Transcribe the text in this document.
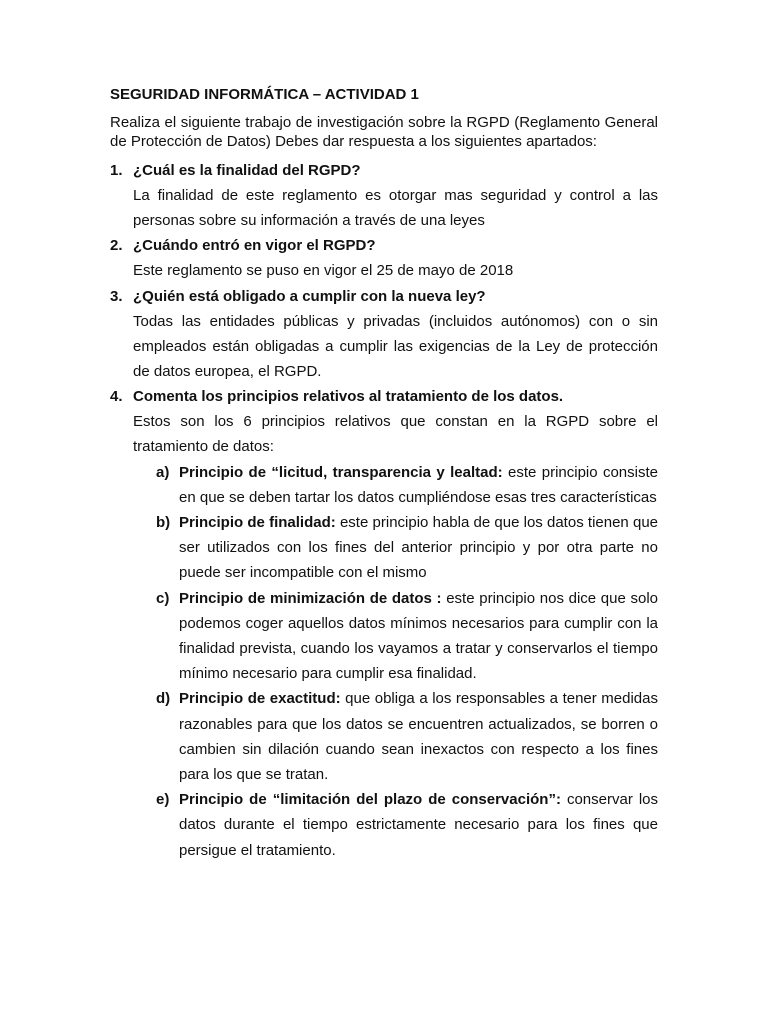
SEGURIDAD INFORMÁTICA – ACTIVIDAD 1
Realiza el siguiente trabajo de investigación sobre la RGPD (Reglamento General de Protección de Datos) Debes dar respuesta a los siguientes apartados:
1. ¿Cuál es la finalidad del RGPD?
La finalidad de este reglamento es otorgar mas seguridad y control a las personas sobre su información a través de una leyes
2. ¿Cuándo entró en vigor el RGPD?
Este reglamento se puso en vigor el 25 de mayo de 2018
3. ¿Quién está obligado a cumplir con la nueva ley?
Todas las entidades públicas y privadas (incluidos autónomos) con o sin empleados están obligadas a cumplir las exigencias de la Ley de protección de datos europea, el RGPD.
4. Comenta los principios relativos al tratamiento de los datos.
Estos son los 6 principios relativos que constan en la RGPD sobre el tratamiento de datos:
a) Principio de “licitud, transparencia y lealtad: este principio consiste en que se deben tartar los datos cumpliéndose esas tres características
b) Principio de finalidad: este principio habla de que los datos tienen que ser utilizados con los fines del anterior principio y por otra parte no puede ser incompatible con el mismo
c) Principio de minimización de datos : este principio nos dice que solo podemos coger aquellos datos mínimos necesarios para cumplir con la finalidad prevista, cuando los vayamos a tratar y conservarlos el tiempo mínimo necesario para cumplir esa finalidad.
d) Principio de exactitud: que obliga a los responsables a tener medidas razonables para que los datos se encuentren actualizados, se borren o cambien sin dilación cuando sean inexactos con respecto a los fines para los que se tratan.
e) Principio de “limitación del plazo de conservación”: conservar los datos durante el tiempo estrictamente necesario para los fines que persigue el tratamiento.
